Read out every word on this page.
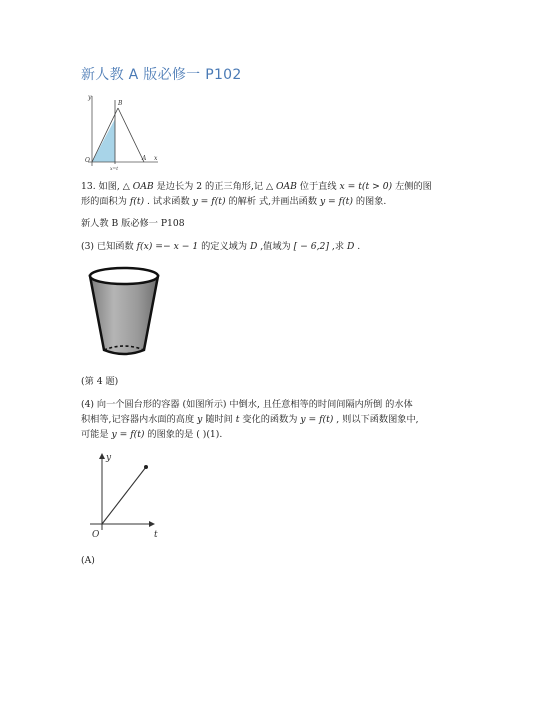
新人教 A 版必修一 P102
y
B
O
x=t
A x
13. 如图, △ OAB 是边长为 2 的正三角形,记 △ OAB 位于直线 x = t(t > 0) 左侧的图
形的面积为 f(t) . 试求函数 y = f(t) 的解析 式,并画出函数 y = f(t) 的图象.
新人教 B 版必修一 P108
(3) 已知函数 f(x) =− x − 1 的定义域为 D ,值域为 [ − 6,2] ,求 D .
(第 4 题)
(4) 向一个圆台形的容器 (如图所示) 中倒水, 且任意相等的时间间隔内所倒 的水体
积相等,记容器内水面的高度 y 随时间 t 变化的函数为 y = f(t) , 则以下函数图象中,
可能是 y = f(t) 的图象的是 ( )(1).
y
O	t
(A)
